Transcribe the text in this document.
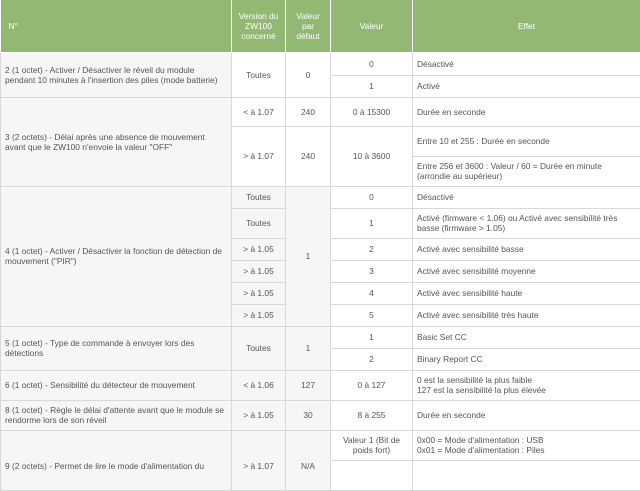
N°	Version du ZW100 concerné	Valeur par défaut	Valeur	Effet
2 (1 octet) - Activer / Désactiver le réveil du module pendant 10 minutes à l'insertion des piles (mode batterie)	Toutes	0	0	Désactivé
			1	Activé
3 (2 octets) - Délai après une absence de mouvement avant que le ZW100 n'envoie la valeur "OFF"	< à 1.07	240	0 à 15300	Durée en seconde
	> à 1.07	240	10 à 3600	Entre 10 et 255 : Durée en seconde
				Entre 256 et 3600 : Valeur / 60 = Durée en minute (arrondie au supérieur)
4 (1 octet) - Activer / Désactiver la fonction de détection de mouvement ("PIR")	Toutes	1	0	Désactivé
	Toutes		1	Activé (firmware < 1.06) ou Activé avec sensibilité très basse (firmware > 1.05)
	> à 1.05		2	Activé avec sensibilité basse
	> à 1.05		3	Activé avec sensibilité moyenne
	> à 1.05		4	Activé avec sensibilité haute
	> à 1.05		5	Activé avec sensibilité très haute
5 (1 octet) - Type de commande à envoyer lors des détections	Toutes	1	1	Basic Set CC
			2	Binary Report CC
6 (1 octet) - Sensibilité du détecteur de mouvement	< à 1.06	127	0 à 127	0 est la sensibilité la plus faible
127 est la sensibilité la plus élevée
8 (1 octet) - Règle le délai d'attente avant que le module se rendorme lors de son réveil	> à 1.05	30	8 à 255	Durée en seconde
9 (2 octets) - Permet de lire le mode d'alimentation du	> à 1.07	N/A	Valeur 1 (Bit de poids fort)	0x00 = Mode d'alimentation : USB
0x01 = Mode d'alimentation : Piles
